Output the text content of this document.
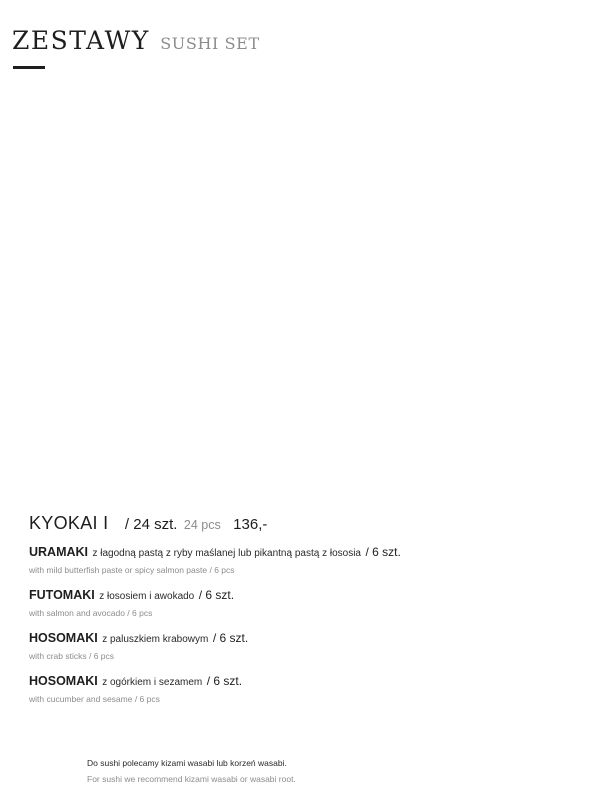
ZESTAWY SUSHI SET
KYOKAI I / 24 szt. 24 pcs 136,-
URAMAKI z łagodną pastą z ryby maślanej lub pikantną pastą z łososia / 6 szt.
with mild butterfish paste or spicy salmon paste / 6 pcs
FUTOMAKI z łososiem i awokado / 6 szt.
with salmon and avocado / 6 pcs
HOSOMAKI z paluszkiem krabowym / 6 szt.
with crab sticks / 6 pcs
HOSOMAKI z ogórkiem i sezamem / 6 szt.
with cucumber and sesame / 6 pcs
Do sushi polecamy kizami wasabi lub korzeń wasabi.
For sushi we recommend kizami wasabi or wasabi root.
